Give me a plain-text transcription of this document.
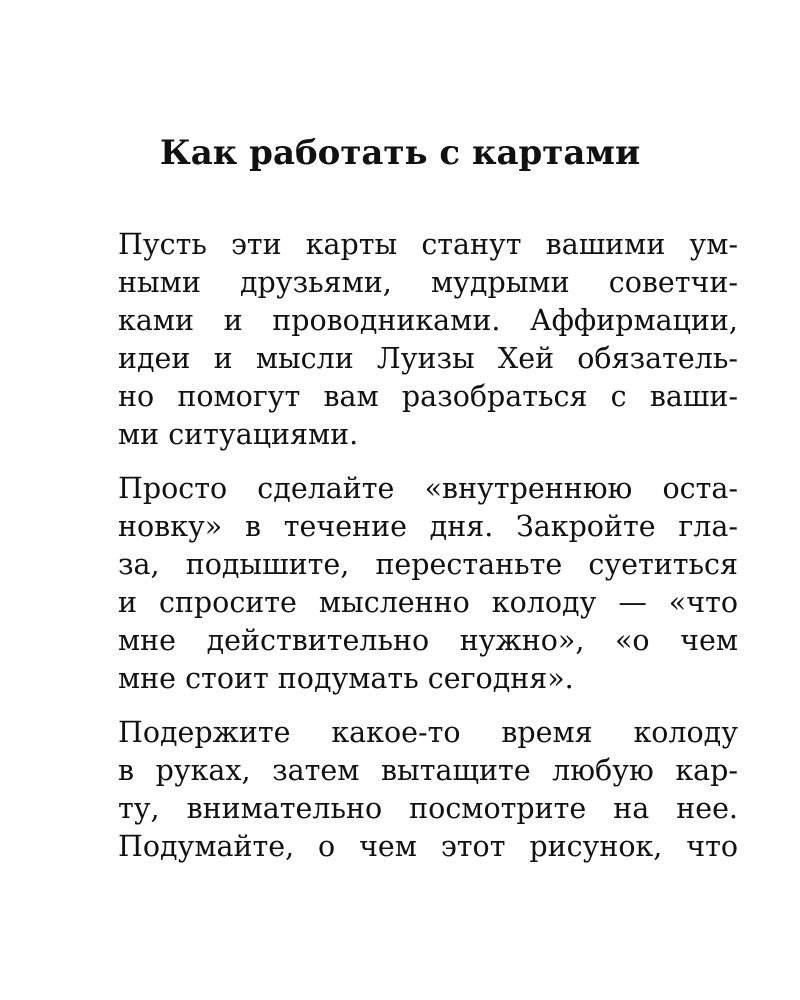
Как работать с картами

Пусть эти карты станут вашими ум-
ными друзьями, мудрыми советчи-
ками и проводниками. Аффирмации,
идеи и мысли Луизы Хей обязатель-
но помогут вам разобраться с ваши-
ми ситуациями.

Просто сделайте «внутреннюю оста-
новку» в течение дня. Закройте гла-
за, подышите, перестаньте суетиться
и спросите мысленно колоду — «что
мне действительно нужно», «о чем
мне стоит подумать сегодня».

Подержите какое-то время колоду
в руках, затем вытащите любую кар-
ту, внимательно посмотрите на нее.
Подумайте, о чем этот рисунок, что
